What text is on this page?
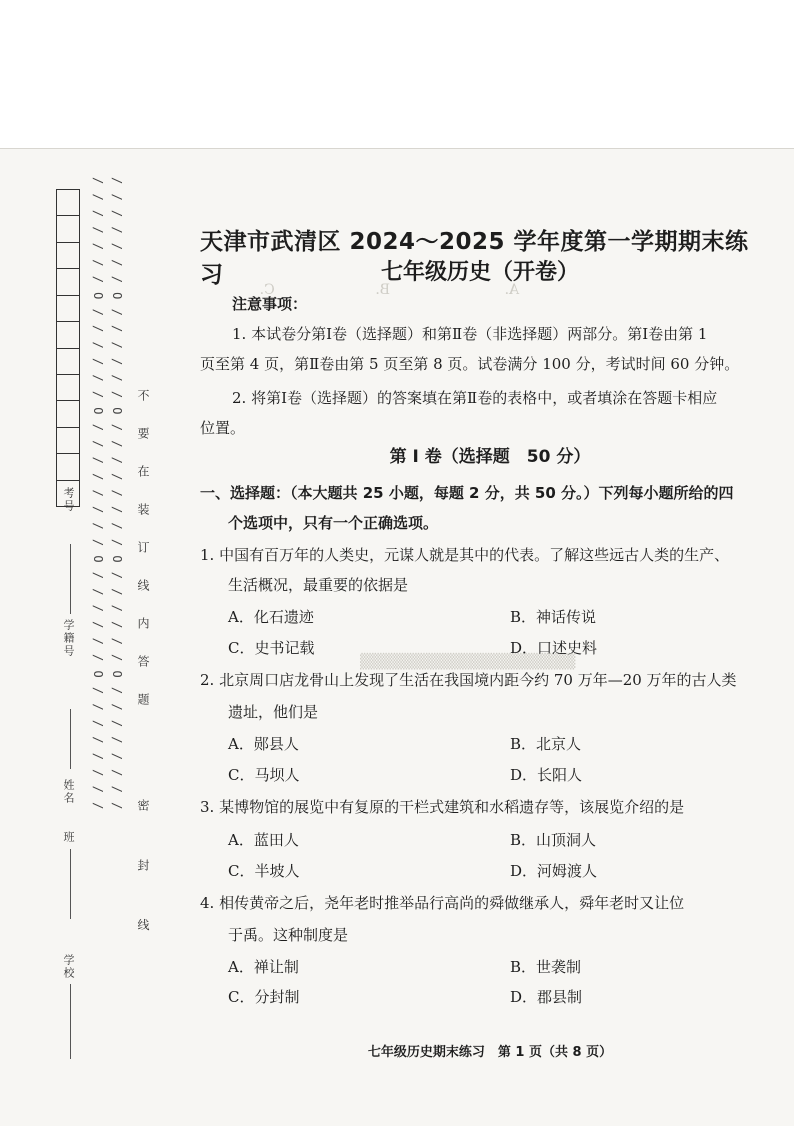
考号
学籍号
班
姓名
学校
/ / / / / / / O / / / / / / O / / / / / / / / O / / / / / / O / / / / / / / / / / / / / / / O / / / / / / O / / / / / / / / O / / / / / / O / / / / / / / / 不要在装订线内答题
密 封 线
A．　　　　　　　　B．　　　　　　　C．
▒▒▒▒▒▒▒▒▒▒▒▒▒▒▒▒▒▒▒▒
天津市武清区 2024～2025 学年度第一学期期末练习	七年级历史（开卷）
注意事项：
1. 本试卷分第Ⅰ卷（选择题）和第Ⅱ卷（非选择题）两部分。第Ⅰ卷由第 1
页至第 4 页，第Ⅱ卷由第 5 页至第 8 页。试卷满分 100 分，考试时间 60 分钟。
2. 将第Ⅰ卷（选择题）的答案填在第Ⅱ卷的表格中，或者填涂在答题卡相应
位置。
第 Ⅰ 卷（选择题　50 分）
一、选择题：（本大题共 25 小题，每题 2 分，共 50 分。）下列每小题所给的四
个选项中，只有一个正确选项。
1. 中国有百万年的人类史，元谋人就是其中的代表。了解这些远古人类的生产、
生活概况，最重要的依据是
A．化石遗迹	B．神话传说
C．史书记载	D．口述史料
2. 北京周口店龙骨山上发现了生活在我国境内距今约 70 万年—20 万年的古人类
遗址，他们是
A．郧县人	B．北京人
C．马坝人	D．长阳人
3. 某博物馆的展览中有复原的干栏式建筑和水稻遗存等，该展览介绍的是
A．蓝田人	B．山顶洞人
C．半坡人	D．河姆渡人
4. 相传黄帝之后，尧年老时推举品行高尚的舜做继承人，舜年老时又让位
于禹。这种制度是
A．禅让制	B．世袭制
C．分封制	D．郡县制
七年级历史期末练习　第 1 页（共 8 页）
